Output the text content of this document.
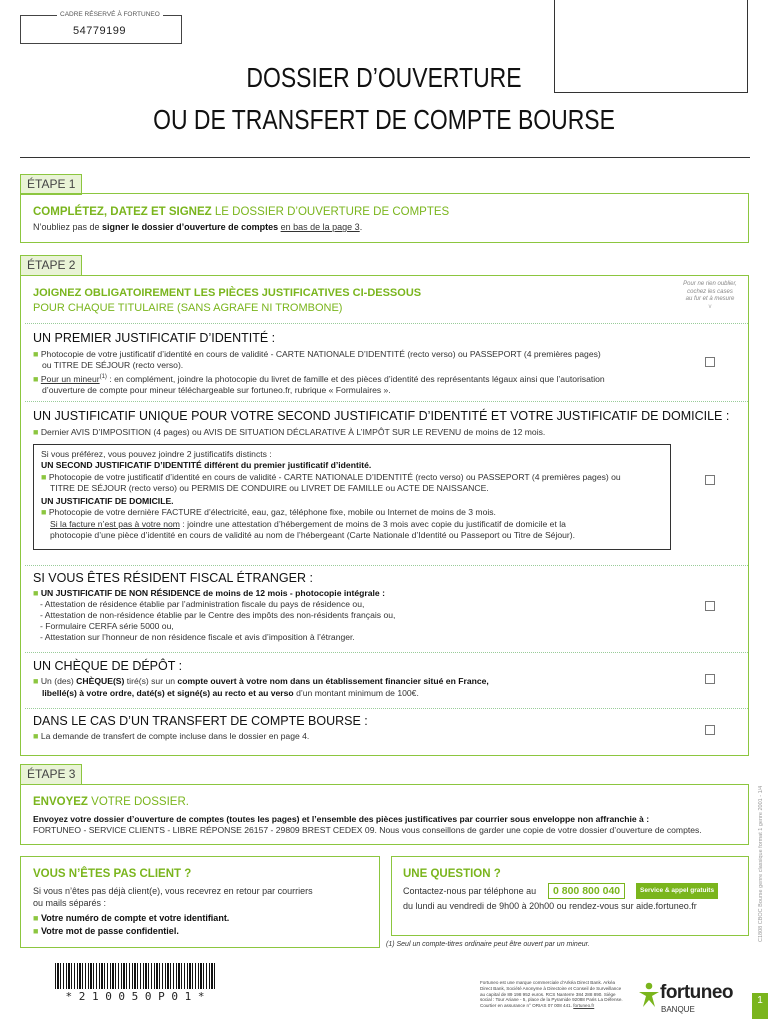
CADRE RÉSERVÉ À FORTUNEO
54779199
DOSSIER D’OUVERTURE
OU DE TRANSFERT DE COMPTE BOURSE
ÉTAPE 1
COMPLÉTEZ, DATEZ ET SIGNEZ LE DOSSIER D’OUVERTURE DE COMPTES
N’oubliez pas de signer le dossier d’ouverture de comptes en bas de la page 3.
ÉTAPE 2
JOIGNEZ OBLIGATOIREMENT LES PIÈCES JUSTIFICATIVES CI-DESSOUS
POUR CHAQUE TITULAIRE (SANS AGRAFE NI TROMBONE)
Pour ne rien oublier,
cochez les cases
au fur et à mesure
v
UN PREMIER JUSTIFICATIF D’IDENTITÉ :
■ Photocopie de votre justificatif d’identité en cours de validité - CARTE NATIONALE D’IDENTITÉ (recto verso) ou PASSEPORT (4 premières pages)
ou TITRE DE SÉJOUR (recto verso).
■ Pour un mineur$^{(1)}$ : en complément, joindre la photocopie du livret de famille et des pièces d’identité des représentants légaux ainsi que l’autorisation
d’ouverture de compte pour mineur téléchargeable sur fortuneo.fr, rubrique « Formulaires ».
UN JUSTIFICATIF UNIQUE POUR VOTRE SECOND JUSTIFICATIF D’IDENTITÉ ET VOTRE JUSTIFICATIF DE DOMICILE :
■ Dernier AVIS D’IMPOSITION (4 pages) ou AVIS DE SITUATION DÉCLARATIVE À L’IMPÔT SUR LE REVENU de moins de 12 mois.
Si vous préférez, vous pouvez joindre 2 justificatifs distincts :
UN SECOND JUSTIFICATIF D’IDENTITÉ différent du premier justificatif d’identité.
■ Photocopie de votre justificatif d’identité en cours de validité - CARTE NATIONALE D’IDENTITÉ (recto verso) ou PASSEPORT (4 premières pages) ou
TITRE DE SÉJOUR (recto verso) ou PERMIS DE CONDUIRE ou LIVRET DE FAMILLE ou ACTE DE NAISSANCE.
UN JUSTIFICATIF DE DOMICILE.
■ Photocopie de votre dernière FACTURE d’électricité, eau, gaz, téléphone fixe, mobile ou Internet de moins de 3 mois.
Si la facture n’est pas à votre nom : joindre une attestation d’hébergement de moins de 3 mois avec copie du justificatif de domicile et la
photocopie d’une pièce d’identité en cours de validité au nom de l’hébergeant (Carte Nationale d’Identité ou Passeport ou Titre de Séjour).
SI VOUS ÊTES RÉSIDENT FISCAL ÉTRANGER :
■ UN JUSTIFICATIF DE NON RÉSIDENCE de moins de 12 mois - photocopie intégrale :
- Attestation de résidence établie par l’administration fiscale du pays de résidence ou,
- Attestation de non-résidence établie par le Centre des impôts des non-résidents français ou,
- Formulaire CERFA série 5000 ou,
- Attestation sur l’honneur de non résidence fiscale et avis d’imposition à l’étranger.
UN CHÈQUE DE DÉPÔT :
■ Un (des) CHÈQUE(S) tiré(s) sur un compte ouvert à votre nom dans un établissement financier situé en France,
libellé(s) à votre ordre, daté(s) et signé(s) au recto et au verso d’un montant minimum de 100€.
DANS LE CAS D’UN TRANSFERT DE COMPTE BOURSE :
■ La demande de transfert de compte incluse dans le dossier en page 4.
ÉTAPE 3
ENVOYEZ VOTRE DOSSIER.
Envoyez votre dossier d’ouverture de comptes (toutes les pages) et l’ensemble des pièces justificatives par courrier sous enveloppe non affranchie à :
FORTUNEO - SERVICE CLIENTS - LIBRE RÉPONSE 26157 - 29809 BREST CEDEX 09. Nous vous conseillons de garder une copie de votre dossier d’ouverture de comptes.
VOUS N’ÊTES PAS CLIENT ?
Si vous n’êtes pas déjà client(e), vous recevrez en retour par courriers
ou mails séparés :
■ Votre numéro de compte et votre identifiant.
■ Votre mot de passe confidentiel.
UNE QUESTION ?
Contactez-nous par téléphone au	0 800 800 040	Service & appel gratuits
du lundi au vendredi de 9h00 à 20h00 ou rendez-vous sur aide.fortuneo.fr
(1) Seul un compte-titres ordinaire peut être ouvert par un mineur.
* 2 1 0 0 5 0 P 0 1 *
Fortuneo est une marque commerciale d’Arkéa Direct Bank. Arkéa
Direct Bank, Société Anonyme à Directoire et Conseil de Surveillance
au capital de 89 198 952 euros. RCS Nanterre 384 288 890. Siège
social : Tour Ariane - 5, place de la Pyramide 92088 Paris La Défense.
Courtier en assurance n° ORIAS 07 008 441. fortuneo.fr
fortuneo
BANQUE
C1808 CBOC Bourse genre classique format 1 genre 2001 - 1/4
1
